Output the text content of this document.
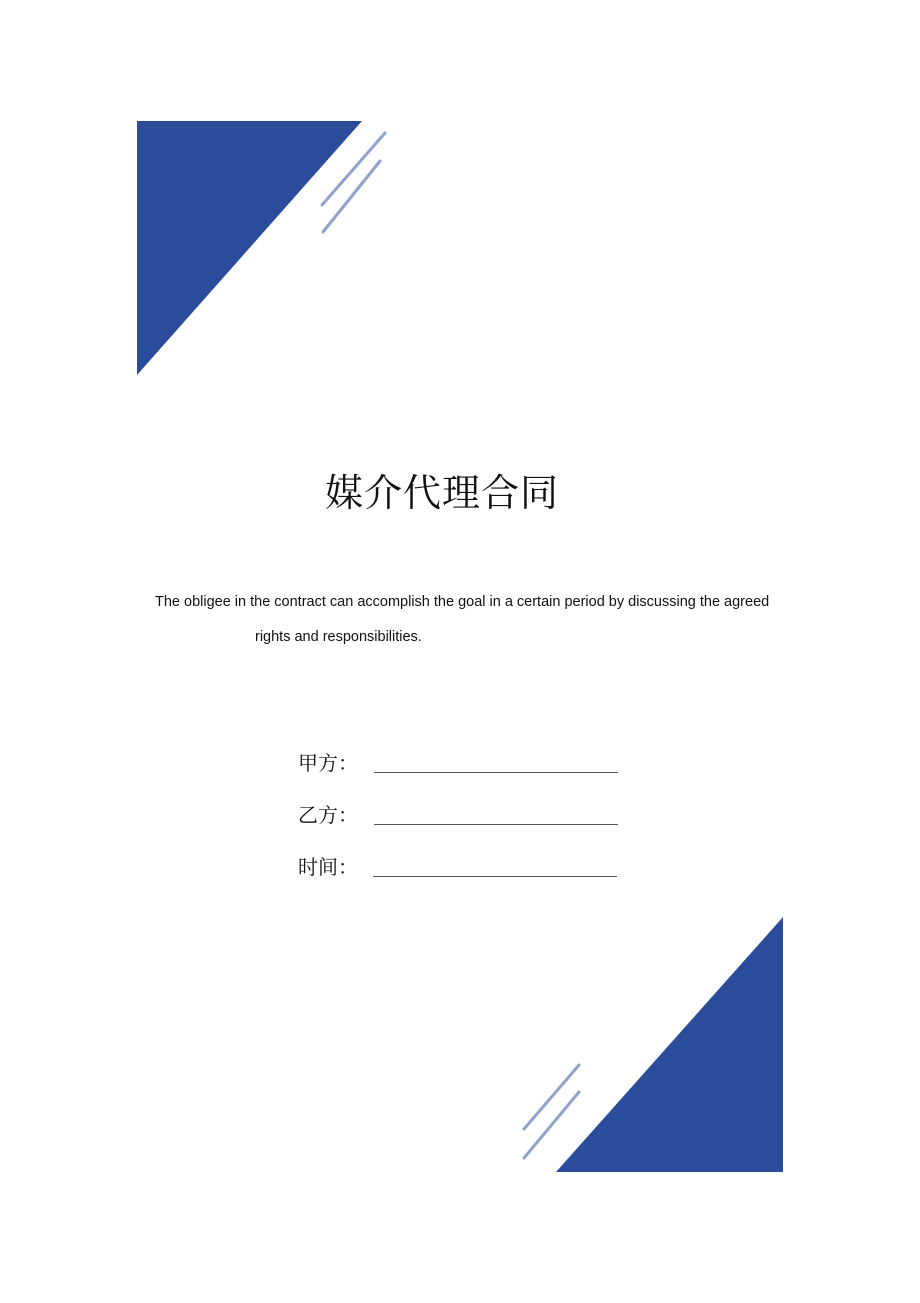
媒介代理合同
The obligee in the contract can accomplish the goal in a certain period by discussing the agreed
rights and responsibilities.
甲方：
乙方：
时间：
